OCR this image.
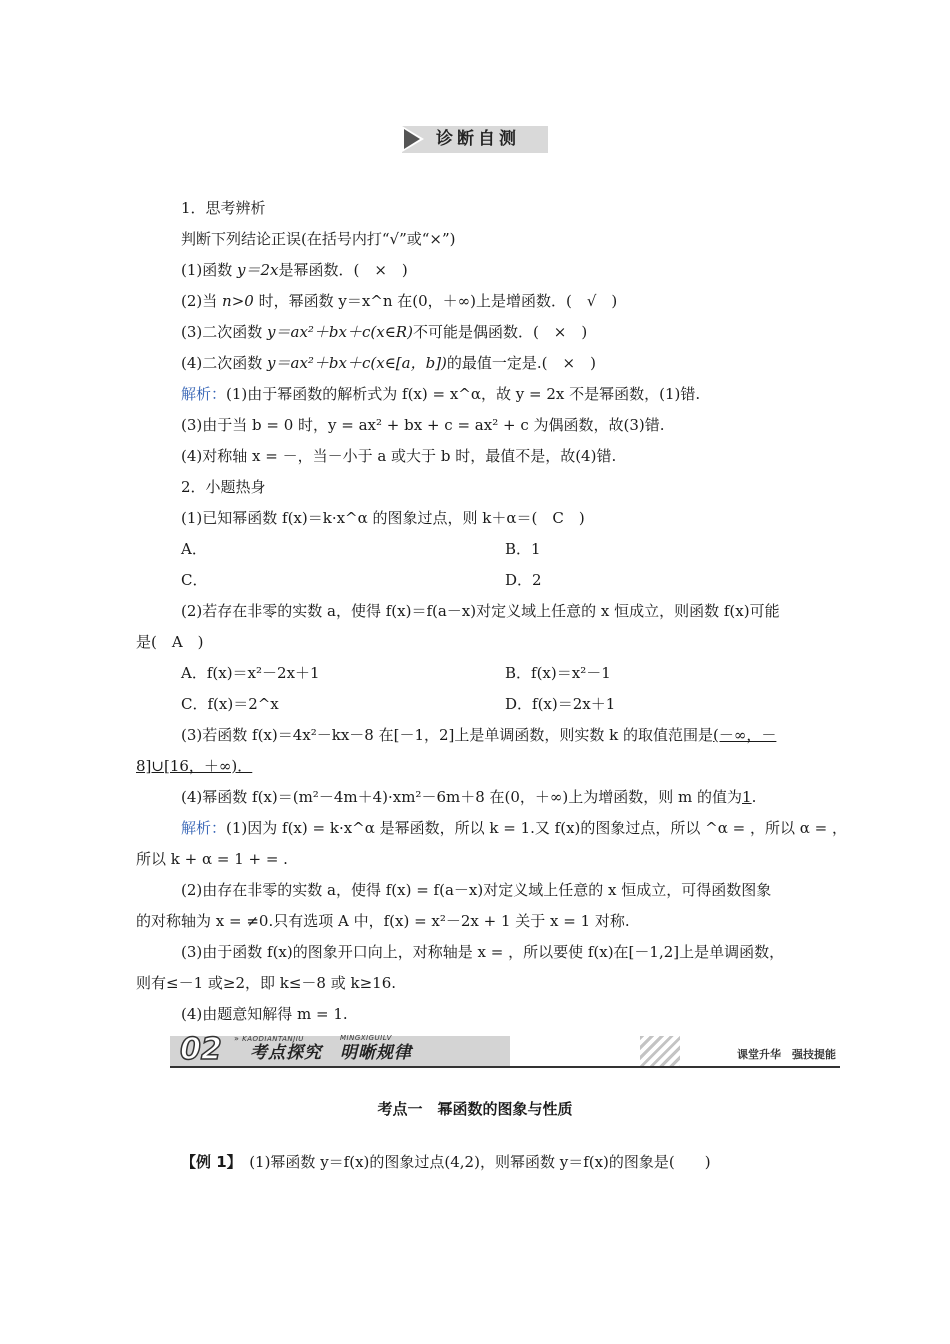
诊断自测
1．思考辨析
判断下列结论正误(在括号内打“√”或“×”)
(1)函数 y＝2x是幂函数．(　×　)
(2)当 n>0 时，幂函数 y＝x^n 在(0，＋∞)上是增函数．(　√　)
(3)二次函数 y＝ax²＋bx＋c(x∈R)不可能是偶函数．(　×　)
(4)二次函数 y＝ax²＋bx＋c(x∈[a，b])的最值一定是.(　×　)
解析：(1)由于幂函数的解析式为 f(x) = x^α，故 y = 2x 不是幂函数，(1)错.
(3)由于当 b = 0 时，y = ax² + bx + c = ax² + c 为偶函数，故(3)错.
(4)对称轴 x = －，当－小于 a 或大于 b 时，最值不是，故(4)错.
2．小题热身
(1)已知幂函数 f(x)＝k·x^α 的图象过点，则 k＋α＝(　C　)
A．	B．1
C．	D．2
(2)若存在非零的实数 a，使得 f(x)＝f(a－x)对定义域上任意的 x 恒成立，则函数 f(x)可能
是(　A　)
A．f(x)＝x²－2x＋1	B．f(x)＝x²－1
C．f(x)＝2^x	D．f(x)＝2x＋1
(3)若函数 f(x)＝4x²－kx－8 在[－1，2]上是单调函数，则实数 k 的取值范围是(－∞，－
8]∪[16，＋∞)．
(4)幂函数 f(x)＝(m²－4m＋4)·xm²－6m＋8 在(0，＋∞)上为增函数，则 m 的值为1.
解析：(1)因为 f(x) = k·x^α 是幂函数，所以 k = 1.又 f(x)的图象过点，所以 ^α = ，所以 α = ，
所以 k + α = 1 + = .
(2)由存在非零的实数 a，使得 f(x) = f(a－x)对定义域上任意的 x 恒成立，可得函数图象
的对称轴为 x = ≠0.只有选项 A 中，f(x) = x²－2x + 1 关于 x = 1 对称.
(3)由于函数 f(x)的图象开口向上，对称轴是 x = ，所以要使 f(x)在[－1,2]上是单调函数，
则有≤－1 或≥2，即 k≤－8 或 k≥16.
(4)由题意知解得 m = 1.
02 » KAODIANTANJIU	MINGXIGUILV
考点探究　明晰规律	课堂升华　强技提能
考点一　幂函数的图象与性质
【例 1】　 (1)幂函数 y＝f(x)的图象过点(4,2)，则幂函数 y＝f(x)的图象是(　　)
